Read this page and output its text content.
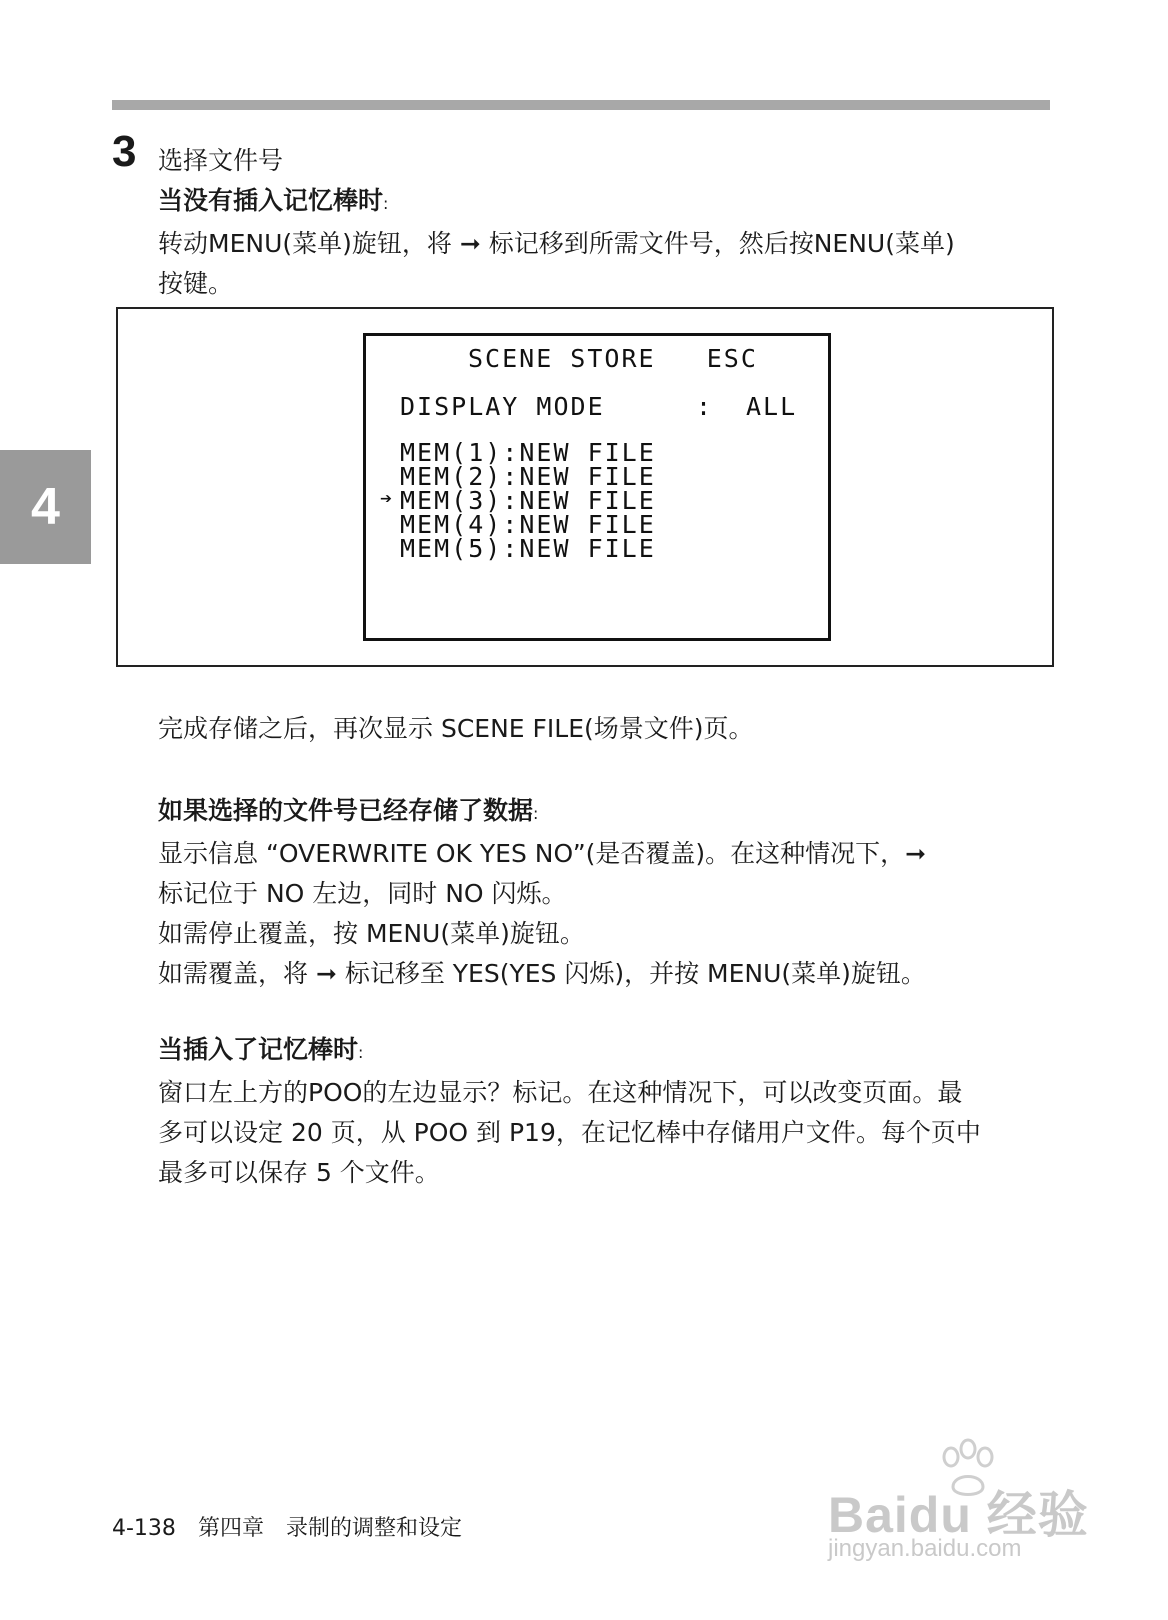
4
3 选择文件号
当没有插入记忆棒时:
转动MENU(菜单)旋钮，将 ➞ 标记移到所需文件号，然后按NENU(菜单)
按键。
SCENE STORE   ESC
DISPLAY MODE	: ALL
MEM(1):NEW FILE
MEM(2):NEW FILE
➔ MEM(3):NEW FILE
MEM(4):NEW FILE
MEM(5):NEW FILE
完成存储之后，再次显示 SCENE FILE(场景文件)页。
如果选择的文件号已经存储了数据:
显示信息 “OVERWRITE OK YES NO”(是否覆盖)。在这种情况下，➞
标记位于 NO 左边，同时 NO 闪烁。
如需停止覆盖，按 MENU(菜单)旋钮。
如需覆盖，将 ➞ 标记移至 YES(YES 闪烁)，并按 MENU(菜单)旋钮。
当插入了记忆棒时:
窗口左上方的POO的左边显示？标记。在这种情况下，可以改变页面。最
多可以设定 20 页，从 POO 到 P19，在记忆棒中存储用户文件。每个页中
最多可以保存 5 个文件。
4-138 第四章 录制的调整和设定	Baidu 经验
jingyan.baidu.com
